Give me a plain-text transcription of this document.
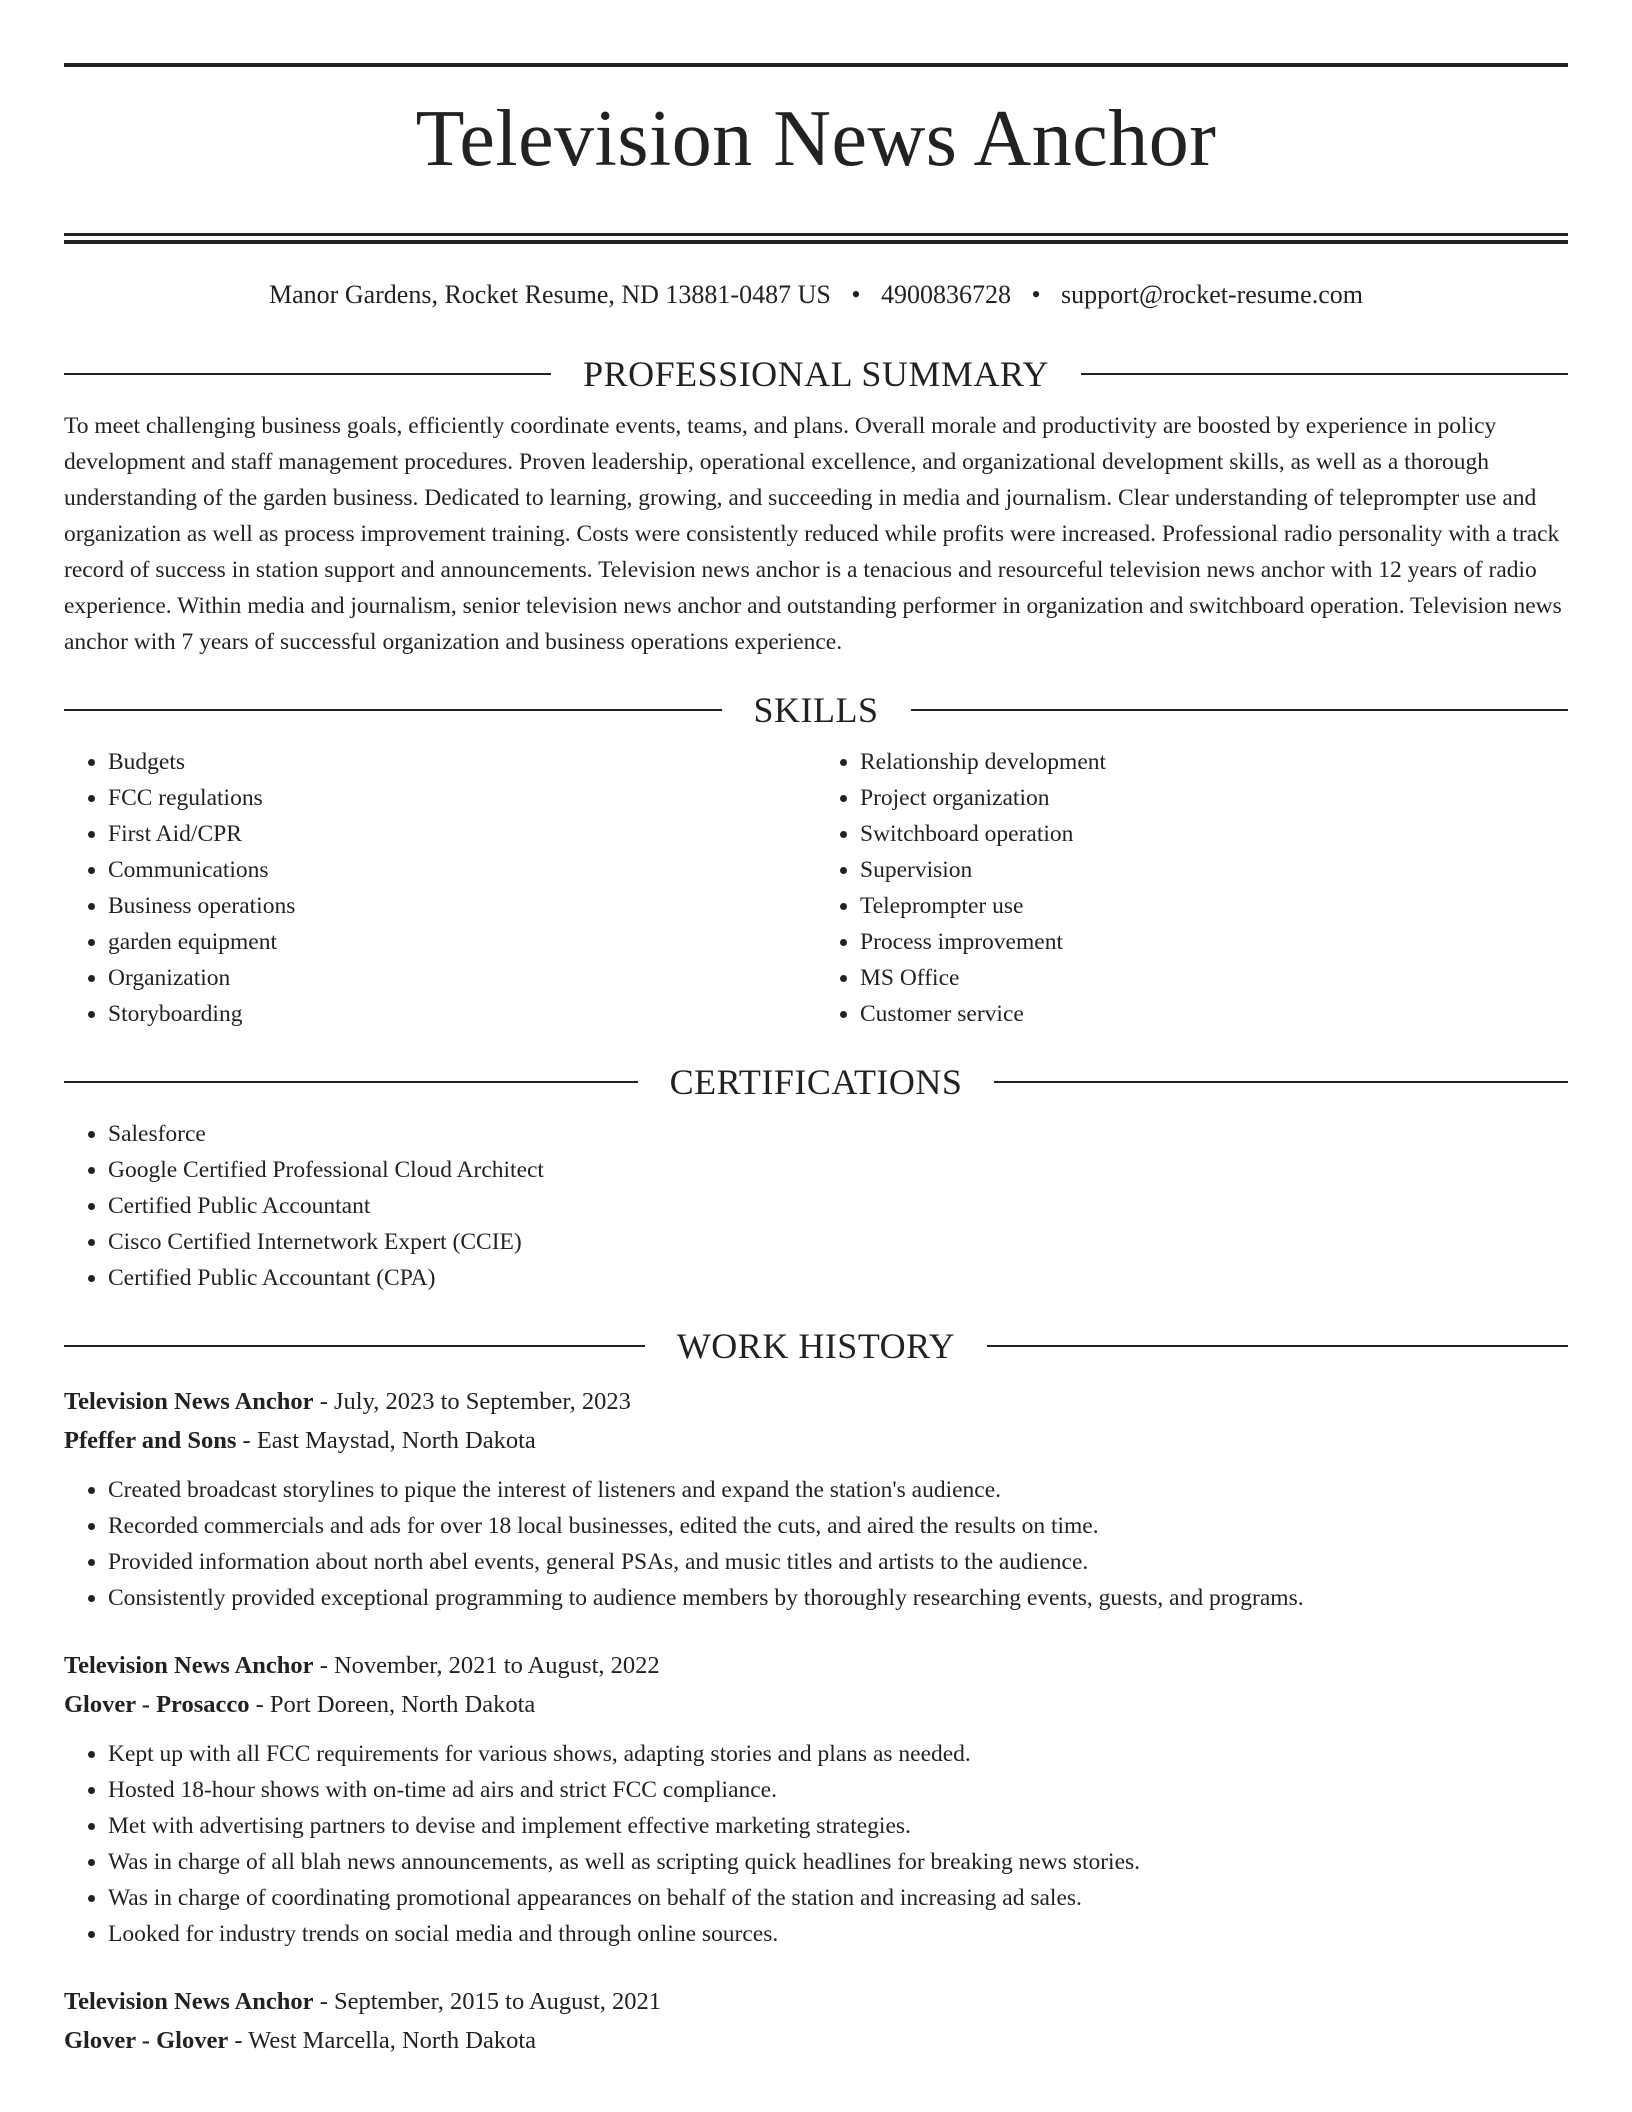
Television News Anchor
Manor Gardens, Rocket Resume, ND 13881-0487 US • 4900836728 • support@rocket-resume.com
PROFESSIONAL SUMMARY

To meet challenging business goals, efficiently coordinate events, teams, and plans. Overall morale and productivity are boosted by experience in policy development and staff management procedures. Proven leadership, operational excellence, and organizational development skills, as well as a thorough understanding of the garden business. Dedicated to learning, growing, and succeeding in media and journalism. Clear understanding of teleprompter use and organization as well as process improvement training. Costs were consistently reduced while profits were increased. Professional radio personality with a track record of success in station support and announcements. Television news anchor is a tenacious and resourceful television news anchor with 12 years of radio experience. Within media and journalism, senior television news anchor and outstanding performer in organization and switchboard operation. Television news anchor with 7 years of successful organization and business operations experience.

SKILLS
• Budgets
• FCC regulations
• First Aid/CPR
• Communications
• Business operations
• garden equipment
• Organization
• Storyboarding
• Relationship development
• Project organization
• Switchboard operation
• Supervision
• Teleprompter use
• Process improvement
• MS Office
• Customer service
CERTIFICATIONS
• Salesforce
• Google Certified Professional Cloud Architect
• Certified Public Accountant
• Cisco Certified Internetwork Expert (CCIE)
• Certified Public Accountant (CPA)
WORK HISTORY
Television News Anchor - July, 2023 to September, 2023
Pfeffer and Sons - East Maystad, North Dakota
• Created broadcast storylines to pique the interest of listeners and expand the station's audience.
• Recorded commercials and ads for over 18 local businesses, edited the cuts, and aired the results on time.
• Provided information about north abel events, general PSAs, and music titles and artists to the audience.
• Consistently provided exceptional programming to audience members by thoroughly researching events, guests, and programs.
Television News Anchor - November, 2021 to August, 2022
Glover - Prosacco - Port Doreen, North Dakota
• Kept up with all FCC requirements for various shows, adapting stories and plans as needed.
• Hosted 18-hour shows with on-time ad airs and strict FCC compliance.
• Met with advertising partners to devise and implement effective marketing strategies.
• Was in charge of all blah news announcements, as well as scripting quick headlines for breaking news stories.
• Was in charge of coordinating promotional appearances on behalf of the station and increasing ad sales.
• Looked for industry trends on social media and through online sources.
Television News Anchor - September, 2015 to August, 2021
Glover - Glover - West Marcella, North Dakota
